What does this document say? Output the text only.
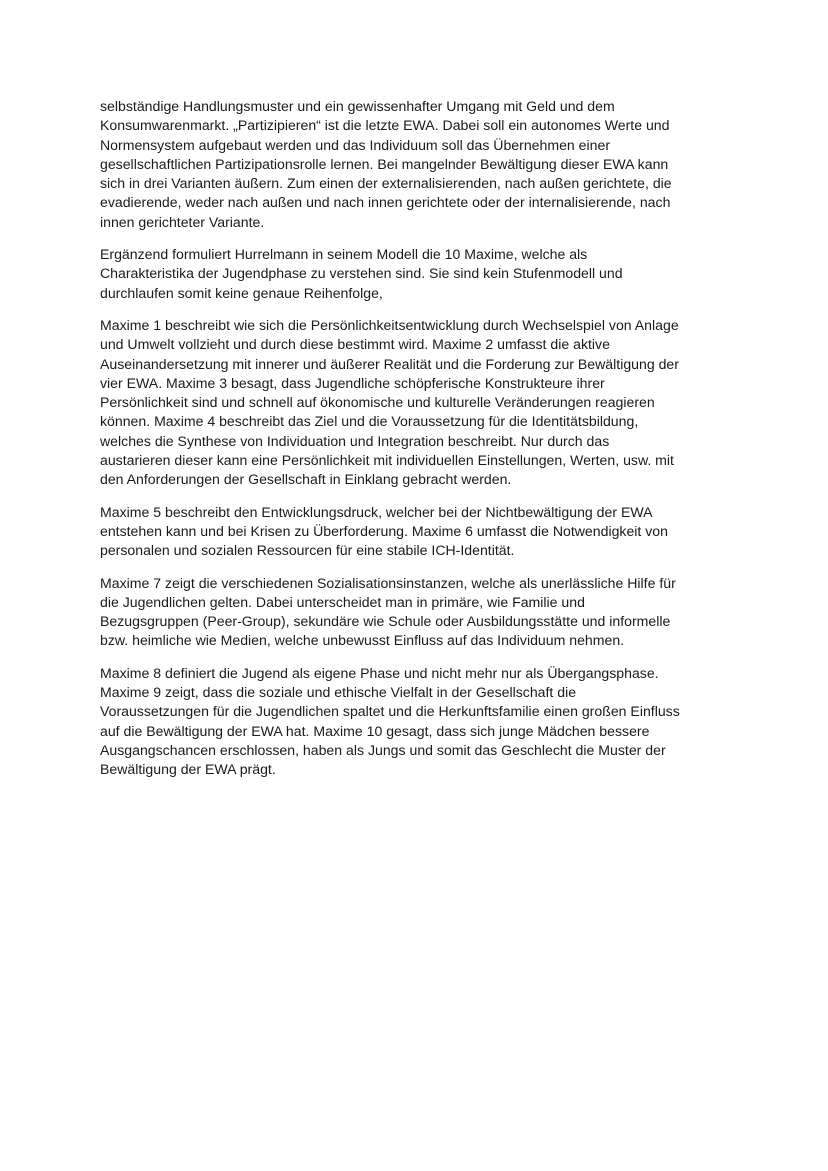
selbständige Handlungsmuster und ein gewissenhafter Umgang mit Geld und dem
Konsumwarenmarkt. „Partizipieren“ ist die letzte EWA. Dabei soll ein autonomes Werte und
Normensystem aufgebaut werden und das Individuum soll das Übernehmen einer
gesellschaftlichen Partizipationsrolle lernen. Bei mangelnder Bewältigung dieser EWA kann
sich in drei Varianten äußern. Zum einen der externalisierenden, nach außen gerichtete, die
evadierende, weder nach außen und nach innen gerichtete oder der internalisierende, nach
innen gerichteter Variante.

Ergänzend formuliert Hurrelmann in seinem Modell die 10 Maxime, welche als
Charakteristika der Jugendphase zu verstehen sind. Sie sind kein Stufenmodell und
durchlaufen somit keine genaue Reihenfolge,

Maxime 1 beschreibt wie sich die Persönlichkeitsentwicklung durch Wechselspiel von Anlage
und Umwelt vollzieht und durch diese bestimmt wird. Maxime 2 umfasst die aktive
Auseinandersetzung mit innerer und äußerer Realität und die Forderung zur Bewältigung der
vier EWA. Maxime 3 besagt, dass Jugendliche schöpferische Konstrukteure ihrer
Persönlichkeit sind und schnell auf ökonomische und kulturelle Veränderungen reagieren
können. Maxime 4 beschreibt das Ziel und die Voraussetzung für die Identitätsbildung,
welches die Synthese von Individuation und Integration beschreibt. Nur durch das
austarieren dieser kann eine Persönlichkeit mit individuellen Einstellungen, Werten, usw. mit
den Anforderungen der Gesellschaft in Einklang gebracht werden.

Maxime 5 beschreibt den Entwicklungsdruck, welcher bei der Nichtbewältigung der EWA
entstehen kann und bei Krisen zu Überforderung. Maxime 6 umfasst die Notwendigkeit von
personalen und sozialen Ressourcen für eine stabile ICH-Identität.

Maxime 7 zeigt die verschiedenen Sozialisationsinstanzen, welche als unerlässliche Hilfe für
die Jugendlichen gelten. Dabei unterscheidet man in primäre, wie Familie und
Bezugsgruppen (Peer-Group), sekundäre wie Schule oder Ausbildungsstätte und informelle
bzw. heimliche wie Medien, welche unbewusst Einfluss auf das Individuum nehmen.

Maxime 8 definiert die Jugend als eigene Phase und nicht mehr nur als Übergangsphase.
Maxime 9 zeigt, dass die soziale und ethische Vielfalt in der Gesellschaft die
Voraussetzungen für die Jugendlichen spaltet und die Herkunftsfamilie einen großen Einfluss
auf die Bewältigung der EWA hat. Maxime 10 gesagt, dass sich junge Mädchen bessere
Ausgangschancen erschlossen, haben als Jungs und somit das Geschlecht die Muster der
Bewältigung der EWA prägt.
